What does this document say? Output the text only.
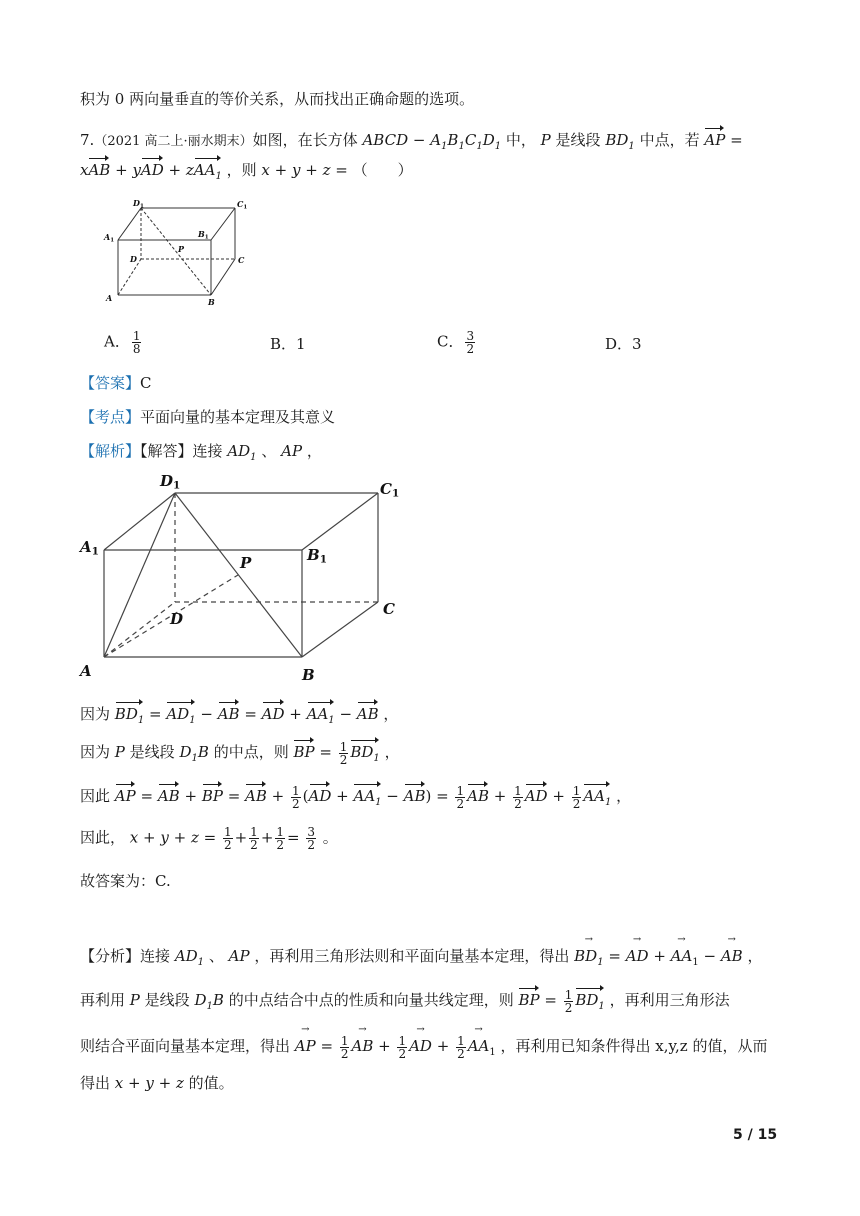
积为 0 两向量垂直的等价关系，从而找出正确命题的选项。
7.（2021 高二上·丽水期末）如图，在长方体 ABCD − $A_1B_1C_1D_1$ 中， P 是线段 $BD_1$ 中点，若 AP =
xAB + yAD + zAA$_1$ ，则 x + y + z = （　　）
D1	C1
A1
B1
P
D	C
A	B
A． $\frac{1}{8}$	B．1	C． $\frac{3}{2}$	D．3
【答案】C
【考点】平面向量的基本定理及其意义
【解析】【解答】连接 $AD_1$ 、 AP ，
D1	C1
A1	B1
P
D
C
A	B
因为 $BD_1 = AD_1$ − AB = AD + $AA_1$ − AB ，
因为 P 是线段 $D_1B$ 的中点，则 BP = $\frac{1}{2} BD_1$ ，
因此 AP = AB + BP = AB + $\frac{1}{2} (AD + AA_1 - AB) = \frac{1}{2}$ AB + $\frac{1}{2}$ AD + $\frac{1}{2} AA_1$ ，
因此， $x + y + z = \frac{1}{2} + \frac{1}{2} + \frac{1}{2} = \frac{3}{2}$ 。
故答案为：C.
【分析】连接 $AD_1$ 、 AP ，再利用三角形法则和平面向量基本定理，得出 → $BD_1$ = → AD + → $AA_1$ − → AB ，
再利用 P 是线段 $D_1B$ 的中点结合中点的性质和向量共线定理，则 BP = $\frac{1}{2} BD_1$ ，再利用三角形法
则结合平面向量基本定理，得出 → AP = $\frac{1}{2}$
→ AB + $\frac{1}{2}$
→ AD + $\frac{1}{2}$
→ $AA_1$ ，再利用已知条件得出 x,y,z 的值，从而
得出 x + y + z 的值。
5 / 15
